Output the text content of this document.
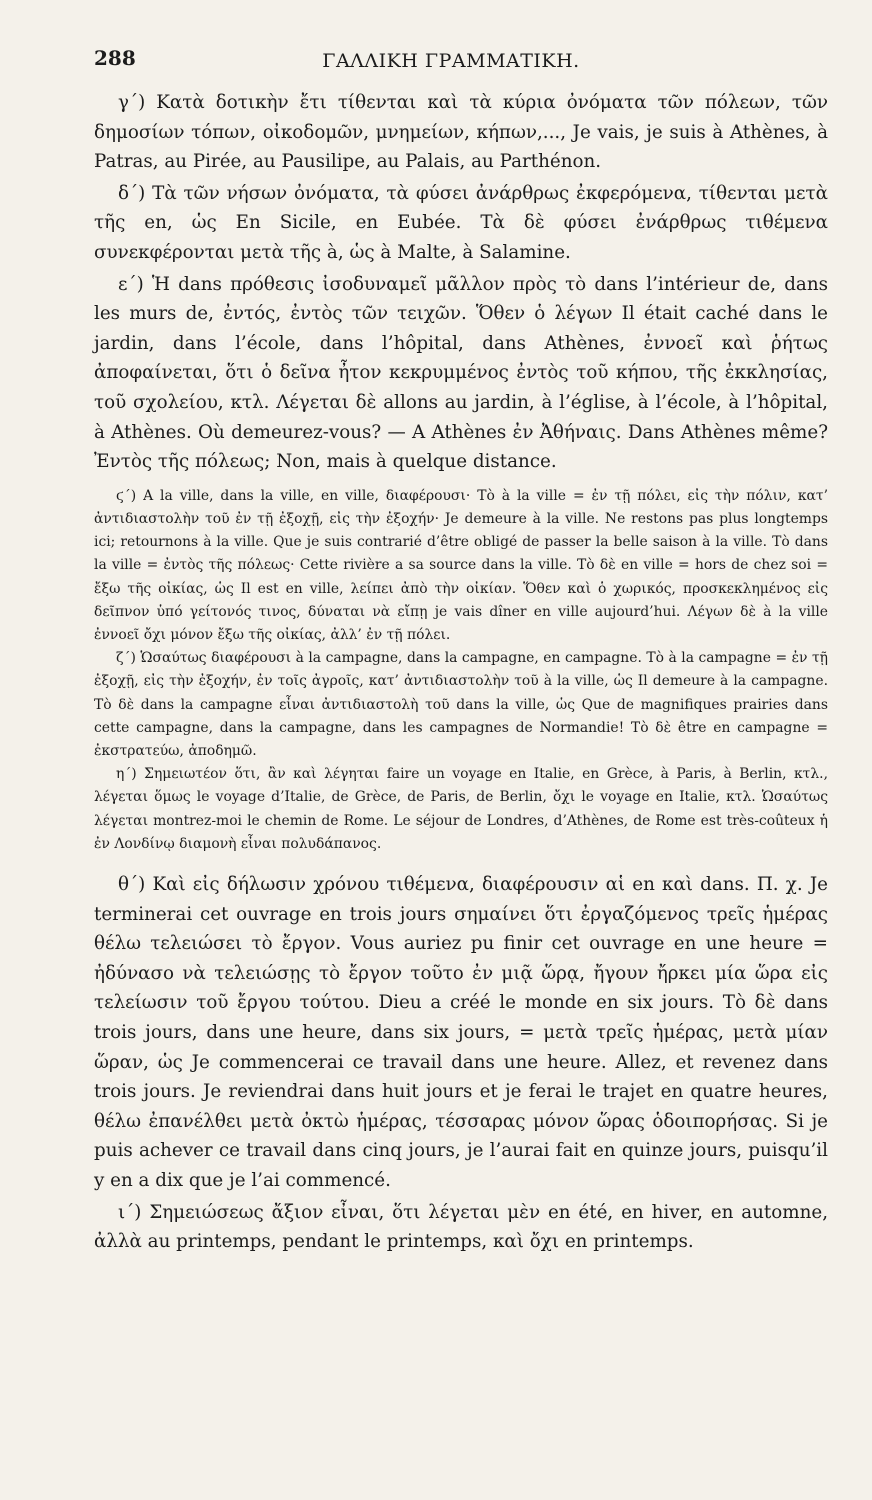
288	ΓΑΛΛΙΚΗ ΓΡΑΜΜΑΤΙΚΗ.

γ΄) Κατὰ δοτικὴν ἔτι τίθενται καὶ τὰ κύρια ὀνόματα τῶν πόλεων, τῶν δημοσίων τόπων, οἰκοδομῶν, μνημείων, κήπων,..., Je vais, je suis à Athènes, à Patras, au Pirée, au Pausilipe, au Palais, au Parthénon.

δ΄) Τὰ τῶν νήσων ὀνόματα, τὰ φύσει ἀνάρθρως ἐκφερόμενα, τίθενται μετὰ τῆς en, ὡς En Sicile, en Eubée. Τὰ δὲ φύσει ἐνάρθρως τιθέμενα συνεκφέρονται μετὰ τῆς à, ὡς à Malte, à Salamine.

ε΄) Ἡ dans πρόθεσις ἰσοδυναμεῖ μᾶλλον πρὸς τὸ dans l’intérieur de, dans les murs de, ἐντός, ἐντὸς τῶν τειχῶν. Ὅθεν ὁ λέγων Il était caché dans le jardin, dans l’école, dans l’hôpital, dans Athènes, ἐννοεῖ καὶ ῥήτως ἀποφαίνεται, ὅτι ὁ δεῖνα ἦτον κεκρυμμένος ἐντὸς τοῦ κήπου, τῆς ἐκκλησίας, τοῦ σχολείου, κτλ. Λέγεται δὲ allons au jardin, à l’église, à l’école, à l’hôpital, à Athènes. Où demeurez-vous? — A Athènes ἐν Ἀθήναις. Dans Athènes même? Ἐντὸς τῆς πόλεως; Non, mais à quelque distance.

ϛ΄) A la ville, dans la ville, en ville, διαφέρουσι· Τὸ à la ville = ἐν τῇ πόλει, εἰς τὴν πόλιν, κατ’ ἀντιδιαστολὴν τοῦ ἐν τῇ ἐξοχῇ, εἰς τὴν ἐξοχήν· Je demeure à la ville. Ne restons pas plus longtemps ici; retournons à la ville. Que je suis contrarié d’être obligé de passer la belle saison à la ville. Τὸ dans la ville = ἐντὸς τῆς πόλεως· Cette rivière a sa source dans la ville. Τὸ δὲ en ville = hors de chez soi = ἔξω τῆς οἰκίας, ὡς Il est en ville, λείπει ἀπὸ τὴν οἰκίαν. Ὅθεν καὶ ὁ χωρικός, προσκεκλημένος εἰς δεῖπνον ὑπό γείτονός τινος, δύναται νὰ εἴπῃ je vais dîner en ville aujourd’hui. Λέγων δὲ à la ville ἐννοεῖ ὄχι μόνον ἔξω τῆς οἰκίας, ἀλλ’ ἐν τῇ πόλει.

ζ΄) Ὡσαύτως διαφέρουσι à la campagne, dans la campagne, en campagne. Τὸ à la campagne = ἐν τῇ ἐξοχῇ, εἰς τὴν ἐξοχήν, ἐν τοῖς ἀγροῖς, κατ’ ἀντιδιαστολὴν τοῦ à la ville, ὡς Il demeure à la campagne. Τὸ δὲ dans la campagne εἶναι ἀντιδιαστολὴ τοῦ dans la ville, ὡς Que de magnifiques prairies dans cette campagne, dans la campagne, dans les campagnes de Normandie! Τὸ δὲ être en campagne = ἐκστρατεύω, ἀποδημῶ.

η΄) Σημειωτέον ὅτι, ἂν καὶ λέγηται faire un voyage en Italie, en Grèce, à Paris, à Berlin, κτλ., λέγεται ὅμως le voyage d’Italie, de Grèce, de Paris, de Berlin, ὄχι le voyage en Italie, κτλ. Ὡσαύτως λέγεται montrez-moi le chemin de Rome. Le séjour de Londres, d’Athènes, de Rome est très-coûteux ἡ ἐν Λονδίνῳ διαμονὴ εἶναι πολυδάπανος.

θ΄) Καὶ εἰς δήλωσιν χρόνου τιθέμενα, διαφέρουσιν αἱ en καὶ dans. Π. χ. Je terminerai cet ouvrage en trois jours σημαίνει ὅτι ἐργαζόμενος τρεῖς ἡμέρας θέλω τελειώσει τὸ ἔργον. Vous auriez pu finir cet ouvrage en une heure = ἠδύνασο νὰ τελειώσῃς τὸ ἔργον τοῦτο ἐν μιᾷ ὥρᾳ, ἤγουν ἤρκει μία ὥρα εἰς τελείωσιν τοῦ ἔργου τούτου. Dieu a créé le monde en six jours. Τὸ δὲ dans trois jours, dans une heure, dans six jours, = μετὰ τρεῖς ἡμέρας, μετὰ μίαν ὥραν, ὡς Je commencerai ce travail dans une heure. Allez, et revenez dans trois jours. Je reviendrai dans huit jours et je ferai le trajet en quatre heures, θέλω ἐπανέλθει μετὰ ὀκτὼ ἡμέρας, τέσσαρας μόνον ὥρας ὁδοιπορήσας. Si je puis achever ce travail dans cinq jours, je l’aurai fait en quinze jours, puisqu’il y en a dix que je l’ai commencé.

ι΄) Σημειώσεως ἄξιον εἶναι, ὅτι λέγεται μὲν en été, en hiver, en automne, ἀλλὰ au printemps, pendant le printemps, καὶ ὄχι en printemps.
